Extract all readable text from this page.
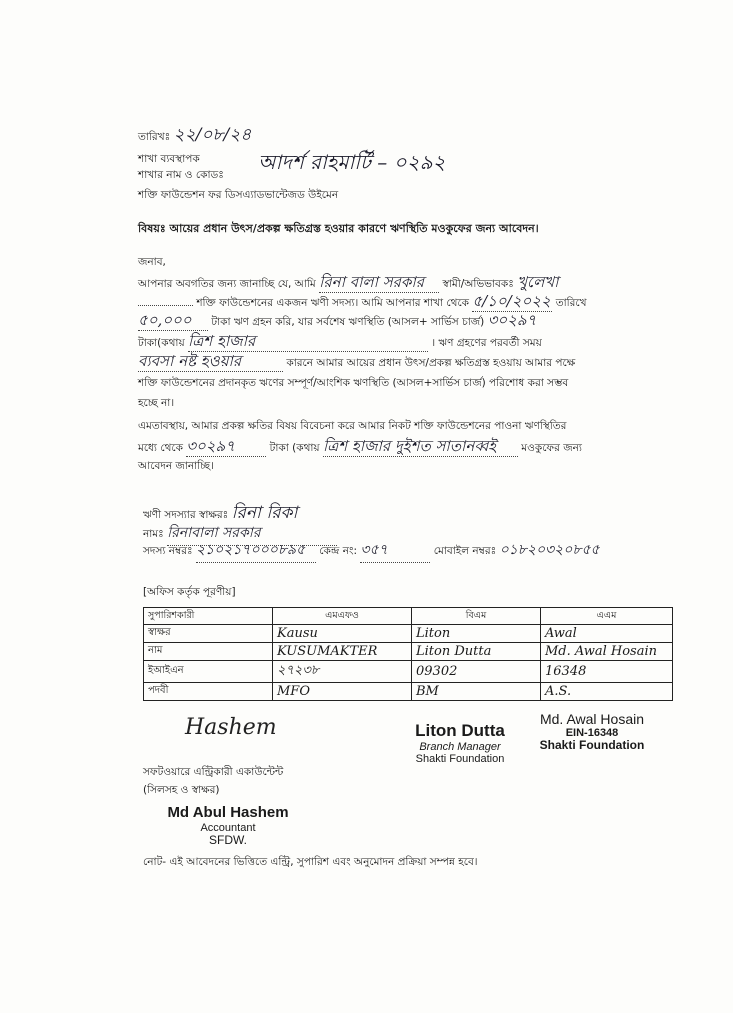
তারিখঃ ২২/০৮/২৪
শাখা ব্যবস্থাপক
শাখার নাম ও কোডঃ
আদর্শ রাহমার্টি – ০২৯২
শক্তি ফাউন্ডেশন ফর ডিসএ্যাডভান্টেজড উইমেন
বিষয়ঃ আয়ের প্রধান উৎস/প্রকল্প ক্ষতিগ্রস্ত হওয়ার কারণে ঋণস্থিতি মওকুফের জন্য আবেদন।
জনাব,
আপনার অবগতির জন্য জানাচ্ছি যে, আমি রিনা বালা সরকার স্বামী/অভিভাবকঃ খুলেখা
শক্তি ফাউন্ডেশনের একজন ঋণী সদস্য। আমি আপনার শাখা থেকে ৫/১০/২০২২ তারিখে
৫০,০০০ টাকা ঋণ গ্রহন করি, যার সর্বশেষ ঋণস্থিতি (আসল+ সার্ভিস চার্জ) ৩০২৯৭
টাকা(কথায় ত্রিশ হাজার	। ঋণ গ্রহণের পরবর্তী সময়
ব্যবসা নষ্ট হওয়ার	কারনে আমার আয়ের প্রধান উৎস/প্রকল্প ক্ষতিগ্রস্ত হওয়ায় আমার পক্ষে
শক্তি ফাউন্ডেশনের প্রদানকৃত ঋণের সম্পূর্ণ/আংশিক ঋণস্থিতি (আসল+সার্ভিস চার্জ) পরিশোধ করা সম্ভব
হচ্ছে না।
এমতাবস্থায়, আমার প্রকল্প ক্ষতির বিষয় বিবেচনা করে আমার নিকট শক্তি ফাউন্ডেশনের পাওনা ঋণস্থিতির
মধ্যে থেকে ৩০২৯৭	টাকা (কথায় ত্রিশ হাজার দুইশত সাতানব্বই মওকুফের জন্য
আবেদন জানাচ্ছি।
ঋণী সদস্যার স্বাক্ষরঃ রিনা রিকা
নামঃ রিনাবালা সরকার
সদস্য নম্বরঃ ২১০২১৭০০০৮৯৫ কেন্দ্র নং: ৩৫৭	মোবাইল নম্বরঃ ০১৮২০৩২০৮৫৫
[অফিস কর্তৃক পূরণীয়]
সুপারিশকারী	এমএফও	বিএম	এএম
স্বাক্ষর	Kausu	Liton	Awal
নাম	KUSUMAKTER	Liton Dutta	Md. Awal Hosain
ইআইএন	২৭২৩৮	09302	16348
পদবী	MFO	BM	A.S.
Hashem	Liton Dutta
Branch Manager
Shakti Foundation
Md. Awal Hosain
EIN-16348
Shakti Foundation
সফটওয়ারে এন্ট্রিকারী একাউন্টেন্ট
(সিলসহ ও স্বাক্ষর)
Md Abul Hashem
Accountant
SFDW.
নোট- এই আবেদনের ভিত্তিতে এন্ট্রি, সুপারিশ এবং অনুমোদন প্রক্রিয়া সম্পন্ন হবে।
